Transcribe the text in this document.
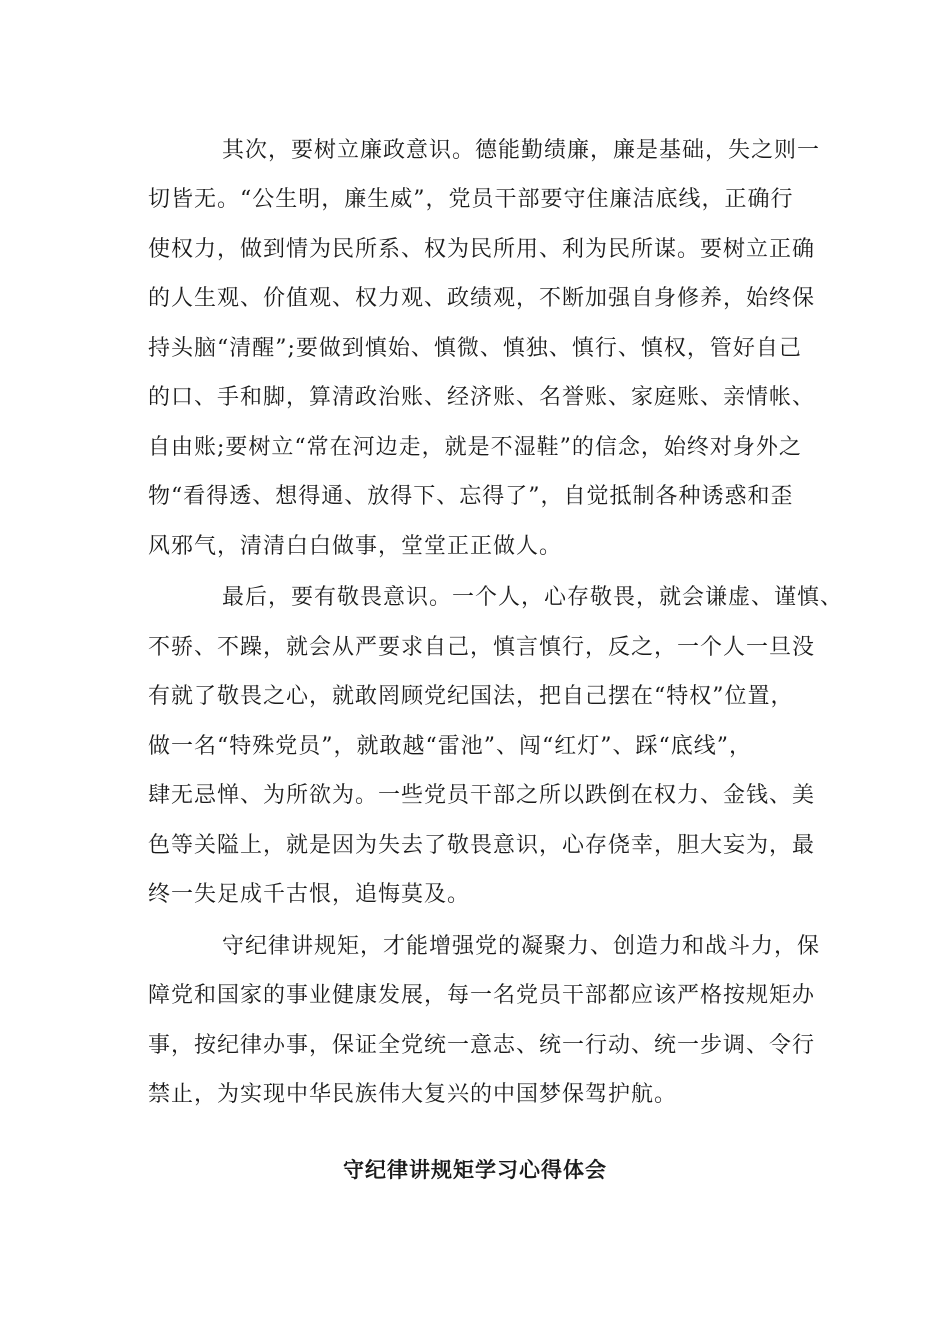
其次，要树立廉政意识。德能勤绩廉，廉是基础，失之则一
切皆无。“公生明，廉生威”，党员干部要守住廉洁底线，正确行
使权力，做到情为民所系、权为民所用、利为民所谋。要树立正确
的人生观、价值观、权力观、政绩观，不断加强自身修养，始终保
持头脑“清醒”;要做到慎始、慎微、慎独、慎行、慎权，管好自己
的口、手和脚，算清政治账、经济账、名誉账、家庭账、亲情帐、
自由账;要树立“常在河边走，就是不湿鞋”的信念，始终对身外之
物“看得透、想得通、放得下、忘得了”，自觉抵制各种诱惑和歪
风邪气，清清白白做事，堂堂正正做人。
最后，要有敬畏意识。一个人，心存敬畏，就会谦虚、谨慎、
不骄、不躁，就会从严要求自己，慎言慎行，反之，一个人一旦没
有就了敬畏之心，就敢罔顾党纪国法，把自己摆在“特权”位置，
做一名“特殊党员”，就敢越“雷池”、闯“红灯”、踩“底线”，
肆无忌惮、为所欲为。一些党员干部之所以跌倒在权力、金钱、美
色等关隘上，就是因为失去了敬畏意识，心存侥幸，胆大妄为，最
终一失足成千古恨，追悔莫及。
守纪律讲规矩，才能增强党的凝聚力、创造力和战斗力，保
障党和国家的事业健康发展，每一名党员干部都应该严格按规矩办
事，按纪律办事，保证全党统一意志、统一行动、统一步调、令行
禁止，为实现中华民族伟大复兴的中国梦保驾护航。
守纪律讲规矩学习心得体会
